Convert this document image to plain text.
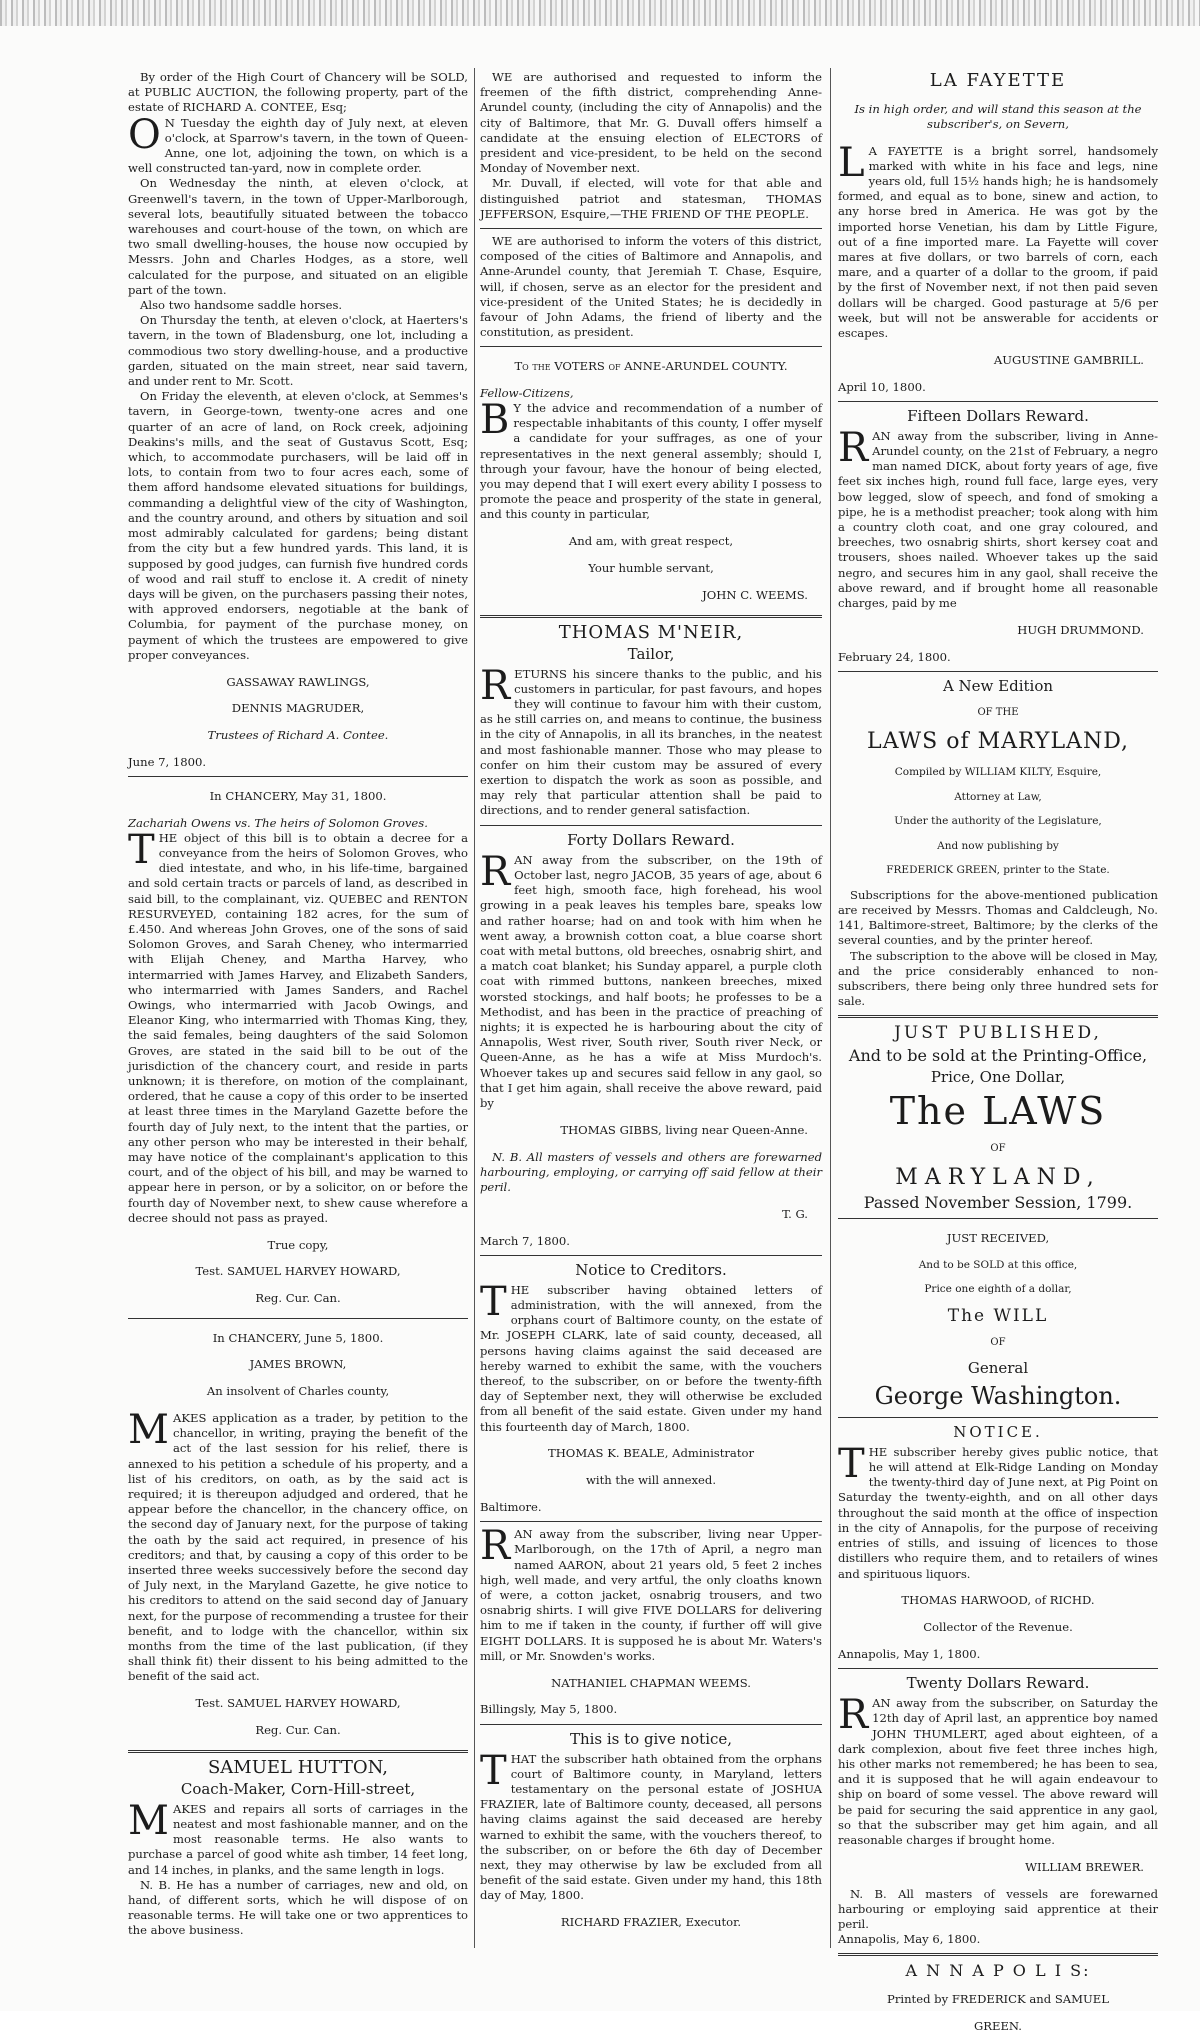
By order of the High Court of Chancery will be SOLD, at PUBLIC AUCTION, the following property, part of the estate of RICHARD A. CONTEE, Esq;

O N Tuesday the eighth day of July next, at eleven o'clock, at Sparrow's tavern, in the town of Queen-Anne, one lot, adjoining the town, on which is a well constructed tan-yard, now in complete order.

On Wednesday the ninth, at eleven o'clock, at Greenwell's tavern, in the town of Upper-Marlborough, several lots, beautifully situated between the tobacco warehouses and court-house of the town, on which are two small dwelling-houses, the house now occupied by Messrs. John and Charles Hodges, as a store, well calculated for the purpose, and situated on an eligible part of the town.

Also two handsome saddle horses.

On Thursday the tenth, at eleven o'clock, at Haerters's tavern, in the town of Bladensburg, one lot, including a commodious two story dwelling-house, and a productive garden, situated on the main street, near said tavern, and under rent to Mr. Scott.

On Friday the eleventh, at eleven o'clock, at Semmes's tavern, in George-town, twenty-one acres and one quarter of an acre of land, on Rock creek, adjoining Deakins's mills, and the seat of Gustavus Scott, Esq; which, to accommodate purchasers, will be laid off in lots, to contain from two to four acres each, some of them afford handsome elevated situations for buildings, commanding a delightful view of the city of Washington, and the country around, and others by situation and soil most admirably calculated for gardens; being distant from the city but a few hundred yards. This land, it is supposed by good judges, can furnish five hundred cords of wood and rail stuff to enclose it. A credit of ninety days will be given, on the purchasers passing their notes, with approved endorsers, negotiable at the bank of Columbia, for payment of the purchase money, on payment of which the trustees are empowered to give proper conveyances.

GASSAWAY RAWLINGS,

DENNIS MAGRUDER,

Trustees of Richard A. Contee.

June 7, 1800.

In CHANCERY, May 31, 1800.

Zachariah Owens vs. The heirs of Solomon Groves.

THE object of this bill is to obtain a decree for a conveyance from the heirs of Solomon Groves, who died intestate, and who, in his life-time, bargained and sold certain tracts or parcels of land, as described in said bill, to the complainant, viz. QUEBEC and RENTON RESURVEYED, containing 182 acres, for the sum of £.450. And whereas John Groves, one of the sons of said Solomon Groves, and Sarah Cheney, who intermarried with Elijah Cheney, and Martha Harvey, who intermarried with James Harvey, and Elizabeth Sanders, who intermarried with James Sanders, and Rachel Owings, who intermarried with Jacob Owings, and Eleanor King, who intermarried with Thomas King, they, the said females, being daughters of the said Solomon Groves, are stated in the said bill to be out of the jurisdiction of the chancery court, and reside in parts unknown; it is therefore, on motion of the complainant, ordered, that he cause a copy of this order to be inserted at least three times in the Maryland Gazette before the fourth day of July next, to the intent that the parties, or any other person who may be interested in their behalf, may have notice of the complainant's application to this court, and of the object of his bill, and may be warned to appear here in person, or by a solicitor, on or before the fourth day of November next, to shew cause wherefore a decree should not pass as prayed.

True copy,

Test. SAMUEL HARVEY HOWARD,

Reg. Cur. Can.

In CHANCERY, June 5, 1800.

JAMES BROWN,

An insolvent of Charles county,

MAKES application as a trader, by petition to the chancellor, in writing, praying the benefit of the act of the last session for his relief, there is annexed to his petition a schedule of his property, and a list of his creditors, on oath, as by the said act is required; it is thereupon adjudged and ordered, that he appear before the chancellor, in the chancery office, on the second day of January next, for the purpose of taking the oath by the said act required, in presence of his creditors; and that, by causing a copy of this order to be inserted three weeks successively before the second day of July next, in the Maryland Gazette, he give notice to his creditors to attend on the said second day of January next, for the purpose of recommending a trustee for their benefit, and to lodge with the chancellor, within six months from the time of the last publication, (if they shall think fit) their dissent to his being admitted to the benefit of the said act.

Test. SAMUEL HARVEY HOWARD,

Reg. Cur. Can.

SAMUEL HUTTON,

Coach-Maker, Corn-Hill-street,

MAKES and repairs all sorts of carriages in the neatest and most fashionable manner, and on the most reasonable terms. He also wants to purchase a parcel of good white ash timber, 14 feet long, and 14 inches, in planks, and the same length in logs.

N. B. He has a number of carriages, new and old, on hand, of different sorts, which he will dispose of on reasonable terms. He will take one or two apprentices to the above business.

WE are authorised and requested to inform the freemen of the fifth district, comprehending Anne-Arundel county, (including the city of Annapolis) and the city of Baltimore, that Mr. G. Duvall offers himself a candidate at the ensuing election of ELECTORS of president and vice-president, to be held on the second Monday of November next.

Mr. Duvall, if elected, will vote for that able and distinguished patriot and statesman, THOMAS JEFFERSON, Esquire,—THE FRIEND OF THE PEOPLE.

WE are authorised to inform the voters of this district, composed of the cities of Baltimore and Annapolis, and Anne-Arundel county, that Jeremiah T. Chase, Esquire, will, if chosen, serve as an elector for the president and vice-president of the United States; he is decidedly in favour of John Adams, the friend of liberty and the constitution, as president.

To the VOTERS of ANNE-ARUNDEL COUNTY.

Fellow-Citizens,

B Y the advice and recommendation of a number of respectable inhabitants of this county, I offer myself a candidate for your suffrages, as one of your representatives in the next general assembly; should I, through your favour, have the honour of being elected, you may depend that I will exert every ability I possess to promote the peace and prosperity of the state in general, and this county in particular,

And am, with great respect,

Your humble servant,

JOHN C. WEEMS.

THOMAS M'NEIR,

Tailor,

RETURNS his sincere thanks to the public, and his customers in particular, for past favours, and hopes they will continue to favour him with their custom, as he still carries on, and means to continue, the business in the city of Annapolis, in all its branches, in the neatest and most fashionable manner. Those who may please to confer on him their custom may be assured of every exertion to dispatch the work as soon as possible, and may rely that particular attention shall be paid to directions, and to render general satisfaction.

Forty Dollars Reward.

RAN away from the subscriber, on the 19th of October last, negro JACOB, 35 years of age, about 6 feet high, smooth face, high forehead, his wool growing in a peak leaves his temples bare, speaks low and rather hoarse; had on and took with him when he went away, a brownish cotton coat, a blue coarse short coat with metal buttons, old breeches, osnabrig shirt, and a match coat blanket; his Sunday apparel, a purple cloth coat with rimmed buttons, nankeen breeches, mixed worsted stockings, and half boots; he professes to be a Methodist, and has been in the practice of preaching of nights; it is expected he is harbouring about the city of Annapolis, West river, South river, South river Neck, or Queen-Anne, as he has a wife at Miss Murdoch's. Whoever takes up and secures said fellow in any gaol, so that I get him again, shall receive the above reward, paid by

THOMAS GIBBS, living near Queen-Anne.

N. B. All masters of vessels and others are forewarned harbouring, employing, or carrying off said fellow at their peril.

T. G.

March 7, 1800.

Notice to Creditors.

THE subscriber having obtained letters of administration, with the will annexed, from the orphans court of Baltimore county, on the estate of Mr. JOSEPH CLARK, late of said county, deceased, all persons having claims against the said deceased are hereby warned to exhibit the same, with the vouchers thereof, to the subscriber, on or before the twenty-fifth day of September next, they will otherwise be excluded from all benefit of the said estate. Given under my hand this fourteenth day of March, 1800.

THOMAS K. BEALE, Administrator

with the will annexed.

Baltimore.

RAN away from the subscriber, living near Upper-Marlborough, on the 17th of April, a negro man named AARON, about 21 years old, 5 feet 2 inches high, well made, and very artful, the only cloaths known of were, a cotton jacket, osnabrig trousers, and two osnabrig shirts. I will give FIVE DOLLARS for delivering him to me if taken in the county, if further off will give EIGHT DOLLARS. It is supposed he is about Mr. Waters's mill, or Mr. Snowden's works.

NATHANIEL CHAPMAN WEEMS.

Billingsly, May 5, 1800.

This is to give notice,

THAT the subscriber hath obtained from the orphans court of Baltimore county, in Maryland, letters testamentary on the personal estate of JOSHUA FRAZIER, late of Baltimore county, deceased, all persons having claims against the said deceased are hereby warned to exhibit the same, with the vouchers thereof, to the subscriber, on or before the 6th day of December next, they may otherwise by law be excluded from all benefit of the said estate. Given under my hand, this 18th day of May, 1800.

RICHARD FRAZIER, Executor.

LA FAYETTE

Is in high order, and will stand this season at the subscriber's, on Severn,

L A FAYETTE is a bright sorrel, handsomely marked with white in his face and legs, nine years old, full 15½ hands high; he is handsomely formed, and equal as to bone, sinew and action, to any horse bred in America. He was got by the imported horse Venetian, his dam by Little Figure, out of a fine imported mare. La Fayette will cover mares at five dollars, or two barrels of corn, each mare, and a quarter of a dollar to the groom, if paid by the first of November next, if not then paid seven dollars will be charged. Good pasturage at 5/6 per week, but will not be answerable for accidents or escapes.

AUGUSTINE GAMBRILL.

April 10, 1800.

Fifteen Dollars Reward.

RAN away from the subscriber, living in Anne-Arundel county, on the 21st of February, a negro man named DICK, about forty years of age, five feet six inches high, round full face, large eyes, very bow legged, slow of speech, and fond of smoking a pipe, he is a methodist preacher; took along with him a country cloth coat, and one gray coloured, and breeches, two osnabrig shirts, short kersey coat and trousers, shoes nailed. Whoever takes up the said negro, and secures him in any gaol, shall receive the above reward, and if brought home all reasonable charges, paid by me

HUGH DRUMMOND.

February 24, 1800.

A New Edition

OF THE

LAWS of MARYLAND,

Compiled by WILLIAM KILTY, Esquire,

Attorney at Law,

Under the authority of the Legislature,

And now publishing by

FREDERICK GREEN, printer to the State.

Subscriptions for the above-mentioned publication are received by Messrs. Thomas and Caldcleugh, No. 141, Baltimore-street, Baltimore; by the clerks of the several counties, and by the printer hereof.

The subscription to the above will be closed in May, and the price considerably enhanced to non-subscribers, there being only three hundred sets for sale.

JUST PUBLISHED,

And to be sold at the Printing-Office,

Price, One Dollar,

The LAWS

OF

MARYLAND,

Passed November Session, 1799.

JUST RECEIVED,

And to be SOLD at this office,

Price one eighth of a dollar,

The WILL

OF

General

George Washington.

NOTICE.

THE subscriber hereby gives public notice, that he will attend at Elk-Ridge Landing on Monday the twenty-third day of June next, at Pig Point on Saturday the twenty-eighth, and on all other days throughout the said month at the office of inspection in the city of Annapolis, for the purpose of receiving entries of stills, and issuing of licences to those distillers who require them, and to retailers of wines and spirituous liquors.

THOMAS HARWOOD, of RICHD.

Collector of the Revenue.

Annapolis, May 1, 1800.

Twenty Dollars Reward.

RAN away from the subscriber, on Saturday the 12th day of April last, an apprentice boy named JOHN THUMLERT, aged about eighteen, of a dark complexion, about five feet three inches high, his other marks not remembered; he has been to sea, and it is supposed that he will again endeavour to ship on board of some vessel. The above reward will be paid for securing the said apprentice in any gaol, so that the subscriber may get him again, and all reasonable charges if brought home.

WILLIAM BREWER.

N. B. All masters of vessels are forewarned harbouring or employing said apprentice at their peril.

Annapolis, May 6, 1800.

A N N A P O L I S:

Printed by FREDERICK and SAMUEL

GREEN.
